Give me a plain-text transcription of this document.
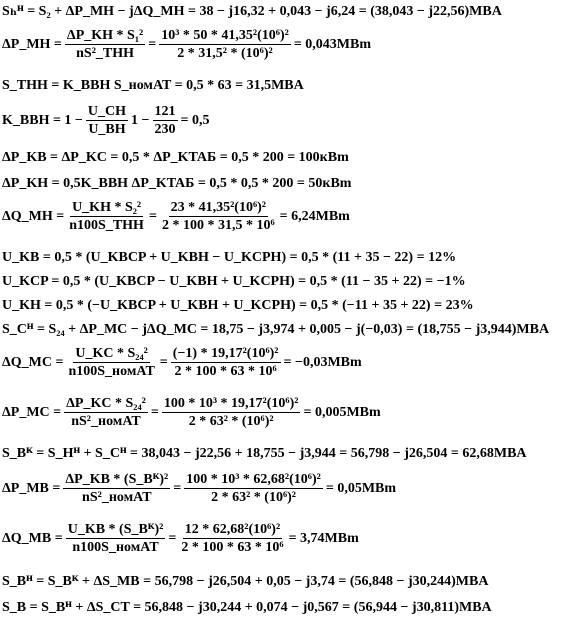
Sₕᴴ = S₂ + ΔP_MH − jΔQ_MH = 38 − j16,32 + 0,043 − j6,24 = (38,043 − j22,56)MBA
ΔP_MH = $\frac{\text{ΔP\_KH * S₁²}}{\text{nS²\_THH}} = \frac{\text{10³ * 50 * 41,35²(10⁶)²}}{\text{2 * 31,5² * (10⁶)²}} = 0,043MBm$
S_THH = K_BBH S_номAT = 0,5 * 63 = 31,5MBA
K_BBH = $1 - \frac{U\_CH}{U\_BH} 1 - \frac{121}{230} = 0,5$
ΔP_KB = ΔP_KC = 0,5 * ΔP_KTAБ = 0,5 * 200 = 100кBm
ΔP_KH = 0,5K_BBH ΔP_KTAБ = 0,5 * 0,5 * 200 = 50кBm
ΔQ_MH = $\frac{\text{U\_KH * S₂²}}{\text{n100S\_THH}} = \frac{\text{23 * 41,35²(10⁶)²}}{\text{2 * 100 * 31,5 * 10⁶}} = 6,24MBm$
U_KB = 0,5 * (U_KBCP + U_KBH − U_KCPH) = 0,5 * (11 + 35 − 22) = 12%
U_KCP = 0,5 * (U_KBCP − U_KBH + U_KCPH) = 0,5 * (11 − 35 + 22) = −1%
U_KH = 0,5 * (−U_KBCP + U_KBH + U_KCPH) = 0,5 * (−11 + 35 + 22) = 23%
S_Cᴴ = S₂₄ + ΔP_MC − jΔQ_MC = 18,75 − j3,974 + 0,005 − j(−0,03) = (18,755 − j3,944)MBA
ΔQ_MC = $\frac{\text{U\_KC * S₂₄²}}{\text{n100S\_номAT}} = \frac{\text{(−1) * 19,17²(10⁶)²}}{\text{2 * 100 * 63 * 10⁶}} = -0,03MBm$
ΔP_MC = $\frac{\text{ΔP\_KC * S₂₄²}}{\text{nS²\_номAT}} = \frac{\text{100 * 10³ * 19,17²(10⁶)²}}{\text{2 * 63² * (10⁶)²}} = 0,005MBm$
S_Bᴷ = S_Hᴴ + S_Cᴴ = 38,043 − j22,56 + 18,755 − j3,944 = 56,798 − j26,504 = 62,68MBA
ΔP_MB = $\frac{\text{ΔP\_KB * (S\_Bᴷ)²}}{\text{nS²\_номAT}} = \frac{\text{100 * 10³ * 62,68²(10⁶)²}}{\text{2 * 63² * (10⁶)²}} = 0,05MBm$
ΔQ_MB = $\frac{\text{U\_KB * (S\_Bᴷ)²}}{\text{n100S\_номAT}} = \frac{\text{12 * 62,68²(10⁶)²}}{\text{2 * 100 * 63 * 10⁶}} = 3,74MBm$
S_Bᴴ = S_Bᴷ + ΔS_MB = 56,798 − j26,504 + 0,05 − j3,74 = (56,848 − j30,244)MBA
S_B = S_Bᴴ + ΔS_CT = 56,848 − j30,244 + 0,074 − j0,567 = (56,944 − j30,811)MBA
